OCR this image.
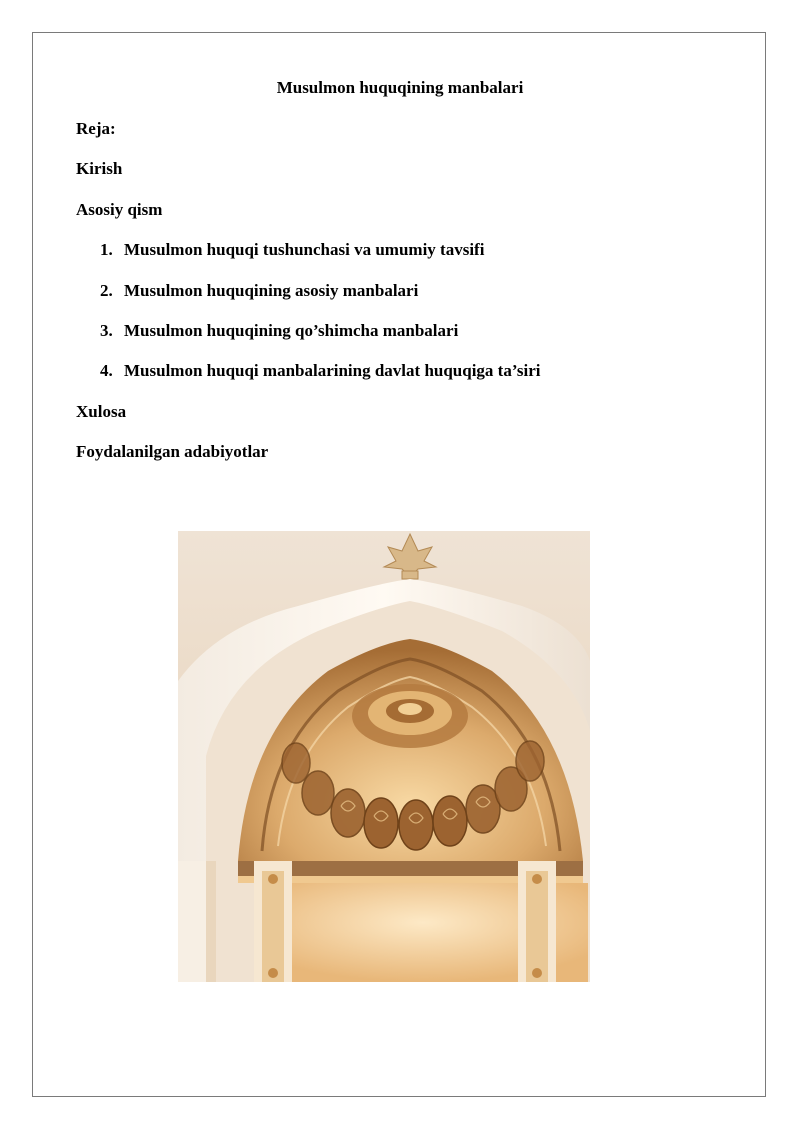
Musulmon huquqining manbalari
Reja:
Kirish
Asosiy qism
1. Musulmon huquqi tushunchasi va umumiy tavsifi
2. Musulmon huquqining asosiy manbalari
3. Musulmon huquqining qo’shimcha manbalari
4. Musulmon huquqi manbalarining davlat huquqiga ta’siri
Xulosa
Foydalanilgan adabiyotlar
